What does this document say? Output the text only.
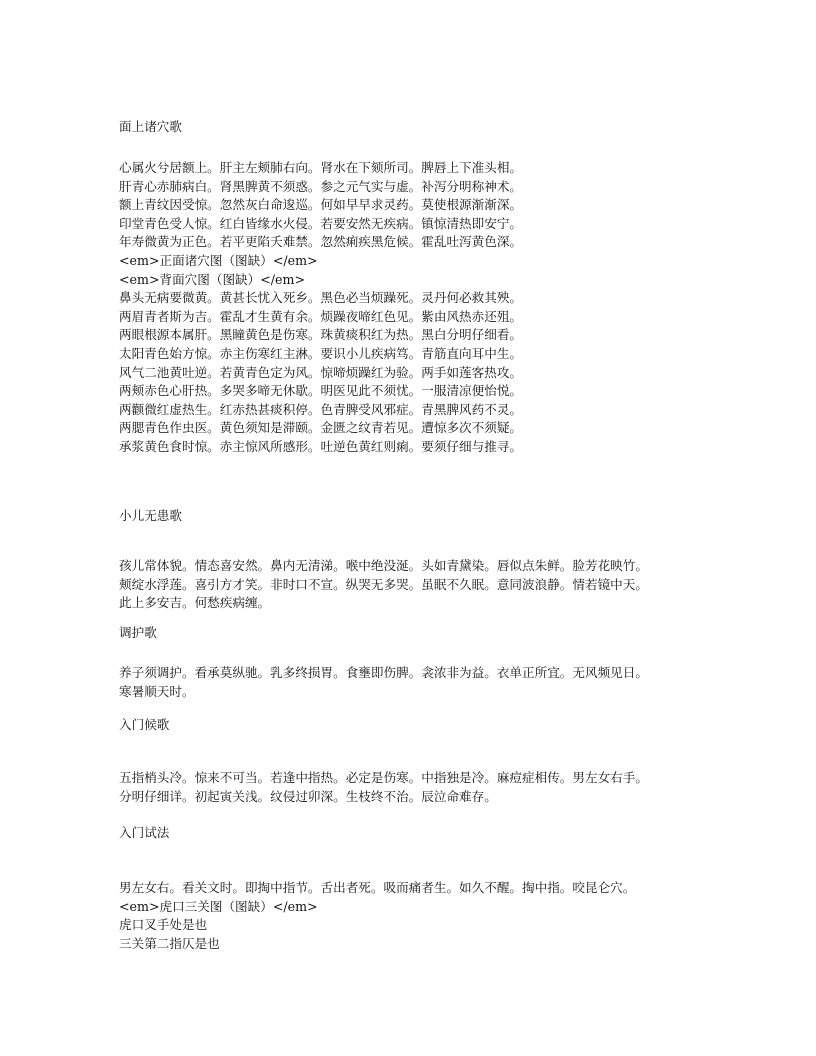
面上诸穴歌
心属火兮居额上。肝主左颊肺右向。肾水在下颏所司。脾唇上下准头相。
肝青心赤肺病白。肾黑脾黄不须惑。参之元气实与虚。补泻分明称神术。
额上青纹因受惊。忽然灰白命逡巡。何如早早求灵药。莫使根源渐渐深。
印堂青色受人惊。红白皆缘水火侵。若要安然无疾病。镇惊清热即安宁。
年寿微黄为正色。若平更陷夭难禁。忽然痢疾黑危候。霍乱吐泻黄色深。
<em>正面诸穴图（图缺）</em>
<em>背面穴图（图缺）</em>
鼻头无病要微黄。黄甚长忧入死乡。黑色必当烦躁死。灵丹何必救其殃。
两眉青者斯为吉。霍乱才生黄有余。烦躁夜啼红色见。紫由风热赤还殂。
两眼根源本属肝。黑瞳黄色是伤寒。珠黄痰积红为热。黑白分明仔细看。
太阳青色始方惊。赤主伤寒红主淋。要识小儿疾病笃。青筋直向耳中生。
风气二池黄吐逆。若黄青色定为风。惊啼烦躁红为验。两手如莲客热攻。
两颊赤色心肝热。多哭多啼无休歇。明医见此不须忧。一服清凉便怡悦。
两颧微红虚热生。红赤热甚痰积停。色青脾受风邪症。青黑脾风药不灵。
两腮青色作虫医。黄色须知是滞颐。金匮之纹青若见。遭惊多次不须疑。
承浆黄色食时惊。赤主惊风所感形。吐逆色黄红则痢。要须仔细与推寻。
小儿无患歌
孩儿常体貌。情态喜安然。鼻内无清涕。喉中绝没涎。头如青黛染。唇似点朱鲜。脸芳花映竹。
颊绽水浮莲。喜引方才笑。非时口不宣。纵哭无多哭。虽眠不久眠。意同波浪静。情若镜中天。
此上多安吉。何愁疾病缠。
调护歌
养子须调护。看承莫纵驰。乳多终损胃。食壅即伤脾。衾浓非为益。衣单正所宜。无风频见日。
寒暑顺天时。
入门候歌
五指梢头冷。惊来不可当。若逢中指热。必定是伤寒。中指独是冷。麻痘症相传。男左女右手。
分明仔细详。初起寅关浅。纹侵过卯深。生枝终不治。辰泣命难存。
入门试法
男左女右。看关文时。即掏中指节。舌出者死。吸而痛者生。如久不醒。掏中指。咬昆仑穴。
<em>虎口三关图（图缺）</em>
虎口叉手处是也
三关第二指仄是也
